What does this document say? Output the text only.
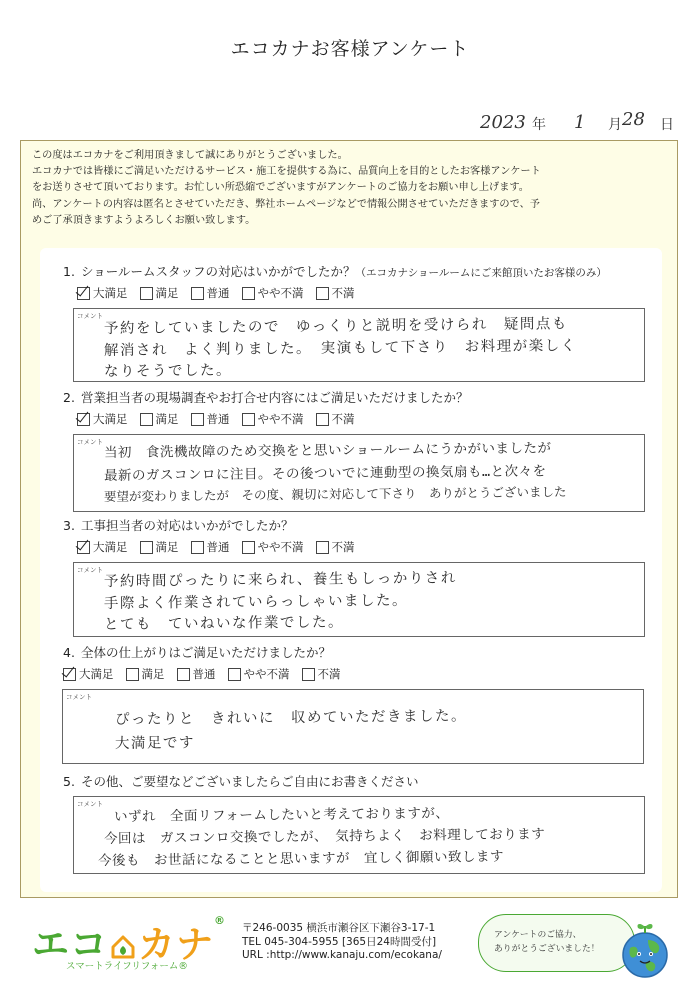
エコカナお客様アンケート
2023 年 1 月 28 日
この度はエコカナをご利用頂きまして誠にありがとうございました。
エコカナでは皆様にご満足いただけるサービス・施工を提供する為に、品質向上を目的としたお客様アンケート
をお送りさせて頂いております。お忙しい所恐縮でございますがアンケートのご協力をお願い申し上げます。
尚、アンケートの内容は匿名とさせていただき、弊社ホームページなどで情報公開させていただきますので、予
めご了承頂きますようよろしくお願い致します。
1. ショールームスタッフの対応はいかがでしたか？（エコカナショールームにご来館頂いたお客様のみ）
大満足 満足 普通 やや不満 不満
コメント
予約をしていましたので　ゆっくりと説明を受けられ　疑問点も
解消され　よく判りました。　実演もして下さり　お料理が楽しく
なりそうでした。
2. 営業担当者の現場調査やお打合せ内容にはご満足いただけましたか？
大満足 満足 普通 やや不満 不満
コメント 当初　食洗機故障のため交換をと思いショールームにうかがいましたが
最新のガスコンロに注目。その後ついでに連動型の換気扇も…と次々を
要望が変わりましたが　その度、親切に対応して下さり　ありがとうございました
3. 工事担当者の対応はいかがでしたか？
大満足 満足 普通 やや不満 不満
コメント
予約時間ぴったりに来られ、養生もしっかりされ
手際よく作業されていらっしゃいました。
とても　ていねいな作業でした。
4. 全体の仕上がりはご満足いただけましたか？
大満足 満足 普通 やや不満 不満
コメント
ぴったりと　きれいに　収めていただきました。
大満足です
5. その他、ご要望などございましたらご自由にお書きください
コメント
いずれ　全面リフォームしたいと考えておりますが、
今回は　ガスコンロ交換でしたが、　気持ちよく　お料理しております
今後も　お世話になることと思いますが　宜しく御願い致します
エコ カナ®
スマートライフリフォーム®
〒246-0035 横浜市瀬谷区下瀬谷3-17-1
TEL 045-304-5955 [365日24時間受付]
URL :http://www.kanaju.com/ecokana/
アンケートのご協力、
ありがとうございました！
